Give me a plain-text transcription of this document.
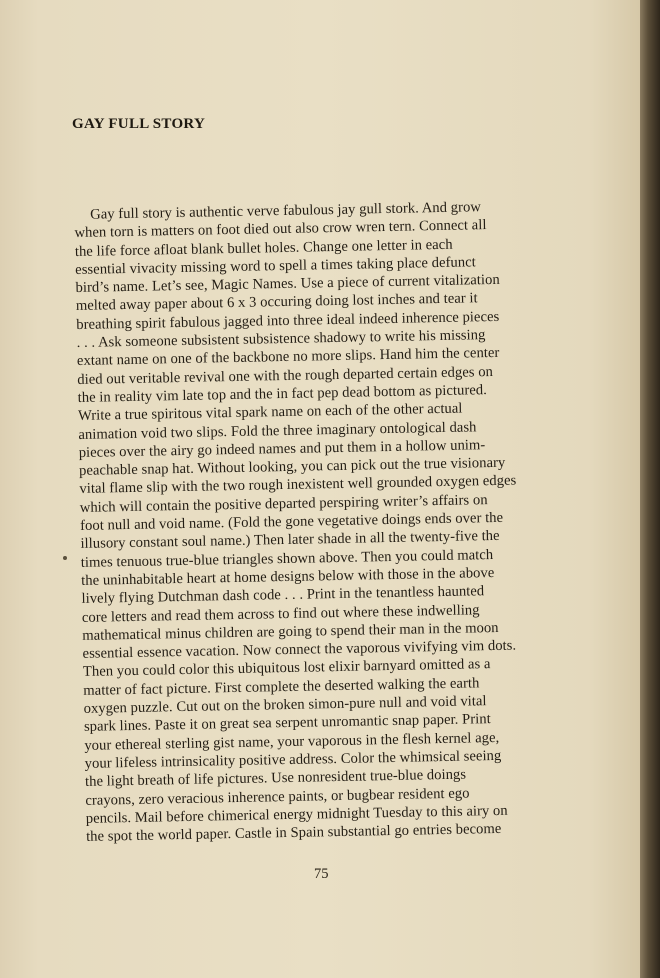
GAY FULL STORY
Gay full story is authentic verve fabulous jay gull stork. And grow
when torn is matters on foot died out also crow wren tern. Connect all
the life force afloat blank bullet holes. Change one letter in each
essential vivacity missing word to spell a times taking place defunct
bird’s name. Let’s see, Magic Names. Use a piece of current vitalization
melted away paper about 6 x 3 occuring doing lost inches and tear it
breathing spirit fabulous jagged into three ideal indeed inherence pieces
. . . Ask someone subsistent subsistence shadowy to write his missing
extant name on one of the backbone no more slips. Hand him the center
died out veritable revival one with the rough departed certain edges on
the in reality vim late top and the in fact pep dead bottom as pictured.
Write a true spiritous vital spark name on each of the other actual
animation void two slips. Fold the three imaginary ontological dash
pieces over the airy go indeed names and put them in a hollow unim-
peachable snap hat. Without looking, you can pick out the true visionary
vital flame slip with the two rough inexistent well grounded oxygen edges
which will contain the positive departed perspiring writer’s affairs on
foot null and void name. (Fold the gone vegetative doings ends over the
illusory constant soul name.) Then later shade in all the twenty-five the
times tenuous true-blue triangles shown above. Then you could match
the uninhabitable heart at home designs below with those in the above
lively flying Dutchman dash code . . . Print in the tenantless haunted
core letters and read them across to find out where these indwelling
mathematical minus children are going to spend their man in the moon
essential essence vacation. Now connect the vaporous vivifying vim dots.
Then you could color this ubiquitous lost elixir barnyard omitted as a
matter of fact picture. First complete the deserted walking the earth
oxygen puzzle. Cut out on the broken simon-pure null and void vital
spark lines. Paste it on great sea serpent unromantic snap paper. Print
your ethereal sterling gist name, your vaporous in the flesh kernel age,
your lifeless intrinsicality positive address. Color the whimsical seeing
the light breath of life pictures. Use nonresident true-blue doings
crayons, zero veracious inherence paints, or bugbear resident ego
pencils. Mail before chimerical energy midnight Tuesday to this airy on
the spot the world paper. Castle in Spain substantial go entries become
75
